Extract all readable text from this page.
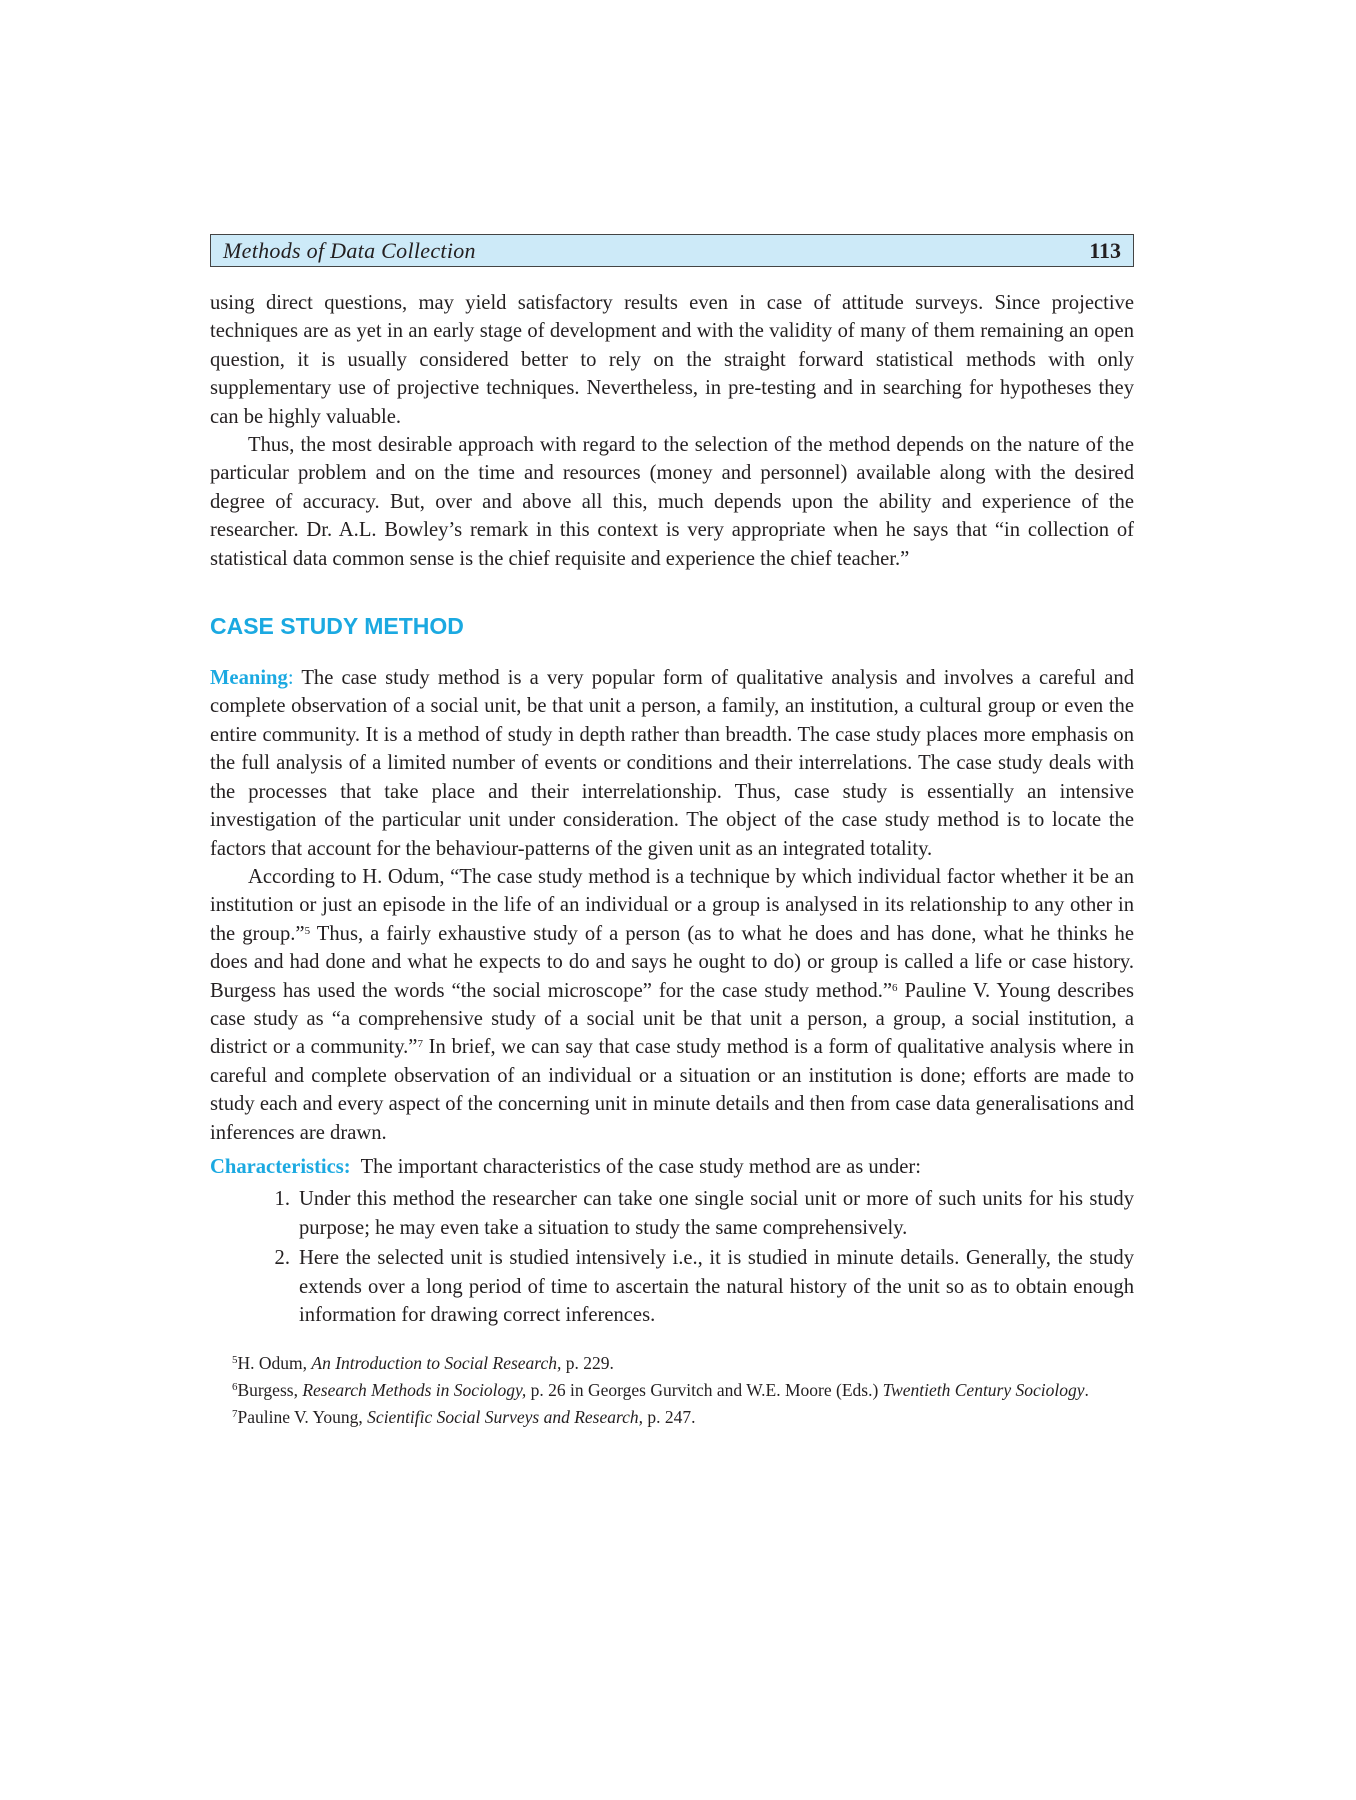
Methods of Data Collection	113

using direct questions, may yield satisfactory results even in case of attitude surveys. Since projective techniques are as yet in an early stage of development and with the validity of many of them remaining an open question, it is usually considered better to rely on the straight forward statistical methods with only supplementary use of projective techniques. Nevertheless, in pre-testing and in searching for hypotheses they can be highly valuable.

Thus, the most desirable approach with regard to the selection of the method depends on the nature of the particular problem and on the time and resources (money and personnel) available along with the desired degree of accuracy. But, over and above all this, much depends upon the ability and experience of the researcher. Dr. A.L. Bowley’s remark in this context is very appropriate when he says that “in collection of statistical data common sense is the chief requisite and experience the chief teacher.”

CASE STUDY METHOD

Meaning: The case study method is a very popular form of qualitative analysis and involves a careful and complete observation of a social unit, be that unit a person, a family, an institution, a cultural group or even the entire community. It is a method of study in depth rather than breadth. The case study places more emphasis on the full analysis of a limited number of events or conditions and their interrelations. The case study deals with the processes that take place and their interrelationship. Thus, case study is essentially an intensive investigation of the particular unit under consideration. The object of the case study method is to locate the factors that account for the behaviour-patterns of the given unit as an integrated totality.

According to H. Odum, “The case study method is a technique by which individual factor whether it be an institution or just an episode in the life of an individual or a group is analysed in its relationship to any other in the group.”$^5$ Thus, a fairly exhaustive study of a person (as to what he does and has done, what he thinks he does and had done and what he expects to do and says he ought to do) or group is called a life or case history. Burgess has used the words “the social microscope” for the case study method.”$^6$ Pauline V. Young describes case study as “a comprehensive study of a social unit be that unit a person, a group, a social institution, a district or a community.”$^7$ In brief, we can say that case study method is a form of qualitative analysis where in careful and complete observation of an individual or a situation or an institution is done; efforts are made to study each and every aspect of the concerning unit in minute details and then from case data generalisations and inferences are drawn.

Characteristics:  The important characteristics of the case study method are as under:

1. Under this method the researcher can take one single social unit or more of such units for his study purpose; he may even take a situation to study the same comprehensively.
2. Here the selected unit is studied intensively i.e., it is studied in minute details. Generally, the study extends over a long period of time to ascertain the natural history of the unit so as to obtain enough information for drawing correct inferences.

$^5$H. Odum, An Introduction to Social Research, p. 229.

$^6$Burgess, Research Methods in Sociology, p. 26 in Georges Gurvitch and W.E. Moore (Eds.) Twentieth Century Sociology.

$^7$Pauline V. Young, Scientific Social Surveys and Research, p. 247.
